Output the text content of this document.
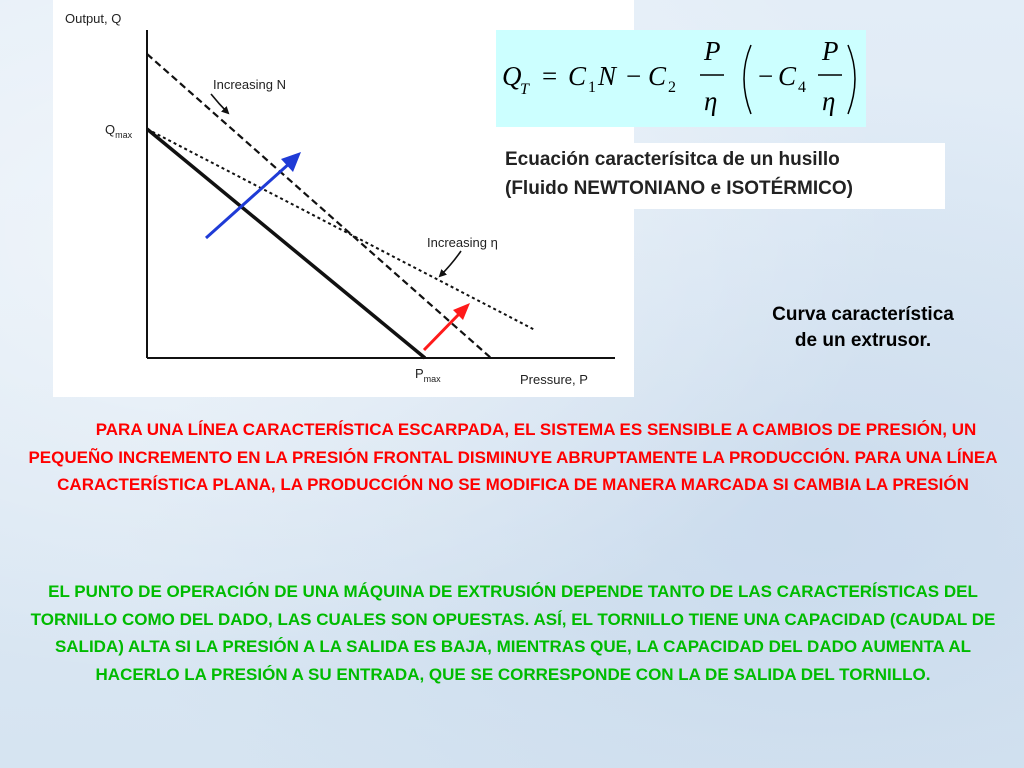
Output, Q
Pressure, P
$Q_{max}$
$P_{max}$
Increasing N
Increasing η
Q
T = C 1 N − C 2
P
η
− C 4
P
η
Ecuación caracterísitca de un husillo
(Fluido NEWTONIANO e ISOTÉRMICO)
Curva característica
de un extrusor.
PARA UNA LÍNEA CARACTERÍSTICA ESCARPADA, EL SISTEMA ES SENSIBLE A CAMBIOS DE PRESIÓN, UN PEQUEÑO INCREMENTO EN LA PRESIÓN FRONTAL DISMINUYE ABRUPTAMENTE LA PRODUCCIÓN. PARA UNA LÍNEA CARACTERÍSTICA PLANA, LA PRODUCCIÓN NO SE MODIFICA DE MANERA MARCADA SI CAMBIA LA PRESIÓN
EL PUNTO DE OPERACIÓN DE UNA MÁQUINA DE EXTRUSIÓN DEPENDE TANTO DE LAS CARACTERÍSTICAS DEL TORNILLO COMO DEL DADO, LAS CUALES SON OPUESTAS. ASÍ, EL TORNILLO TIENE UNA CAPACIDAD (CAUDAL DE SALIDA) ALTA SI LA PRESIÓN A LA SALIDA ES BAJA, MIENTRAS QUE, LA CAPACIDAD DEL DADO AUMENTA AL HACERLO LA PRESIÓN A SU ENTRADA, QUE SE CORRESPONDE CON LA DE SALIDA DEL TORNILLO.
